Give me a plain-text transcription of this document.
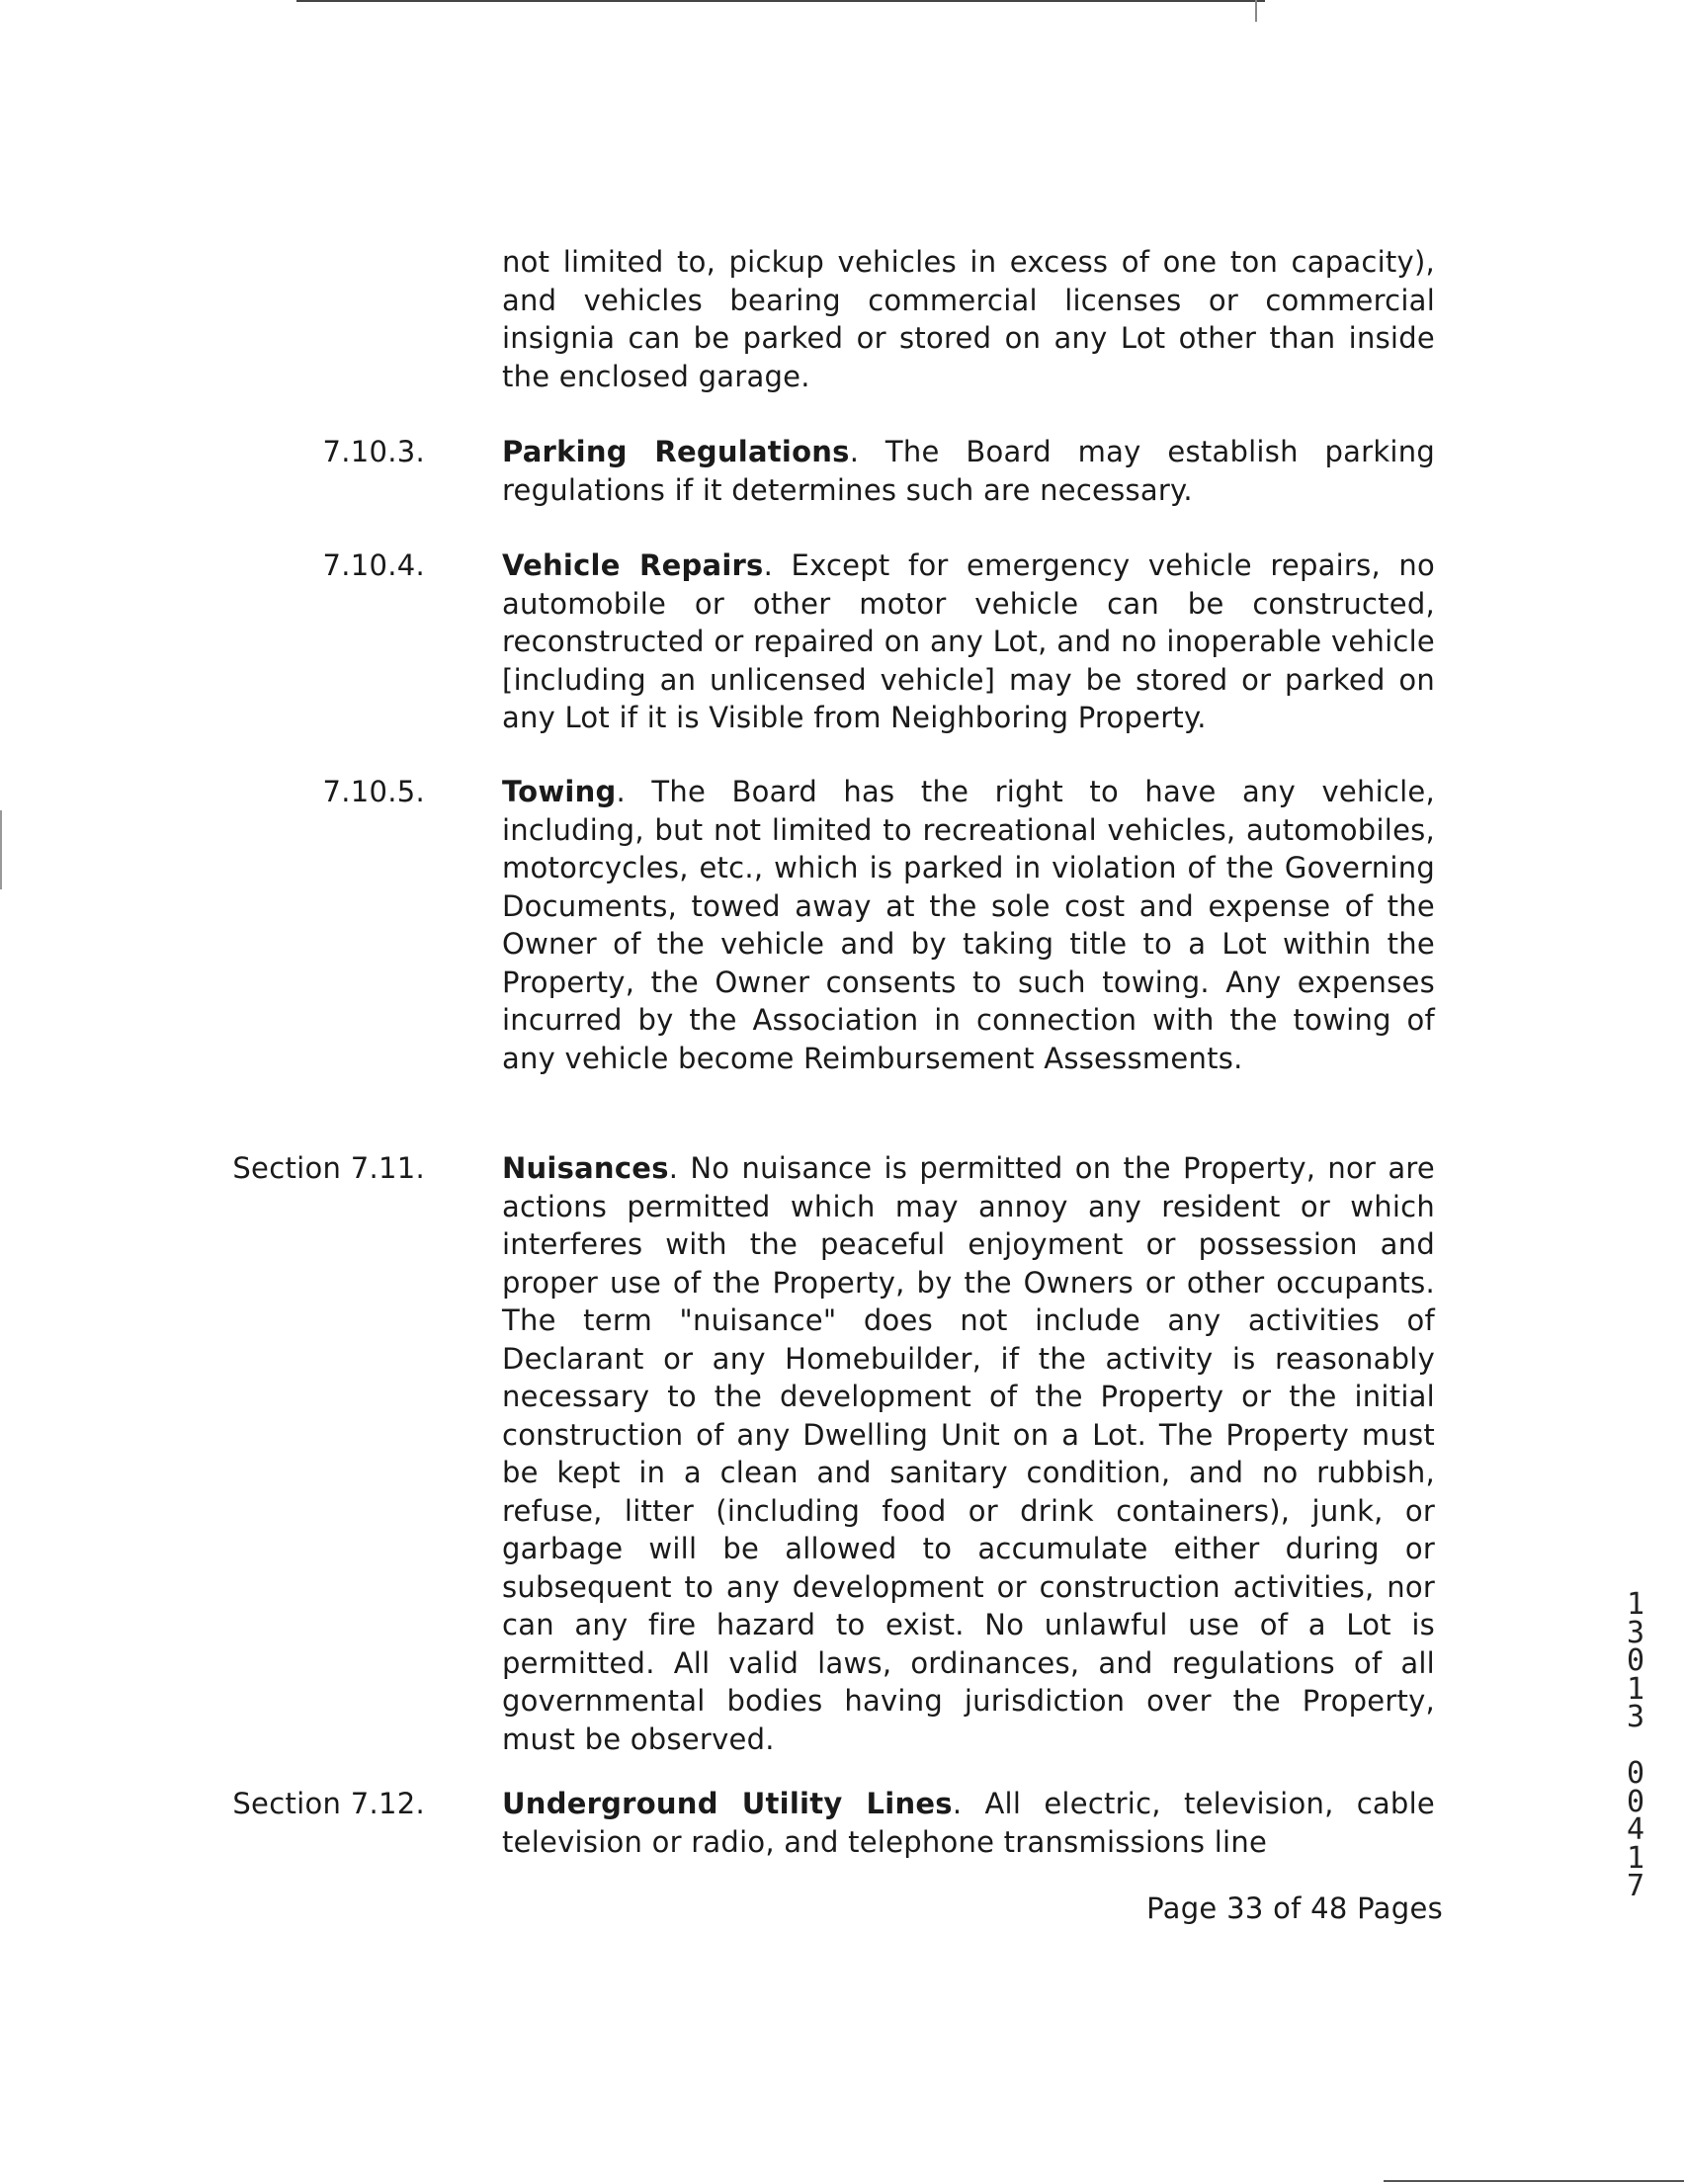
not limited to, pickup vehicles in excess of one ton capacity), and vehicles bearing commercial licenses or commercial insignia can be parked or stored on any Lot other than inside the enclosed garage.

7.10.3.	Parking Regulations. The Board may establish parking regulations if it determines such are necessary.

7.10.4.	Vehicle Repairs. Except for emergency vehicle repairs, no automobile or other motor vehicle can be constructed, reconstructed or repaired on any Lot, and no inoperable vehicle [including an unlicensed vehicle] may be stored or parked on any Lot if it is Visible from Neighboring Property.

7.10.5.	Towing. The Board has the right to have any vehicle, including, but not limited to recreational vehicles, automobiles, motorcycles, etc., which is parked in violation of the Governing Documents, towed away at the sole cost and expense of the Owner of the vehicle and by taking title to a Lot within the Property, the Owner consents to such towing. Any expenses incurred by the Association in connection with the towing of any vehicle become Reimbursement Assessments.

Section 7.11.	Nuisances. No nuisance is permitted on the Property, nor are actions permitted which may annoy any resident or which interferes with the peaceful enjoyment or possession and proper use of the Property, by the Owners or other occupants. The term "nuisance" does not include any activities of Declarant or any Homebuilder, if the activity is reasonably necessary to the development of the Property or the initial construction of any Dwelling Unit on a Lot. The Property must be kept in a clean and sanitary condition, and no rubbish, refuse, litter (including food or drink containers), junk, or garbage will be allowed to accumulate either during or subsequent to any development or construction activities, nor can any fire hazard to exist. No unlawful use of a Lot is permitted. All valid laws, ordinances, and regulations of all governmental bodies having jurisdiction over the Property, must be observed.

Section 7.12.	Underground Utility Lines. All electric, television, cable television or radio, and telephone transmissions line

Page 33 of 48 Pages
1
3
0
1
3

0
0
4
1
7
